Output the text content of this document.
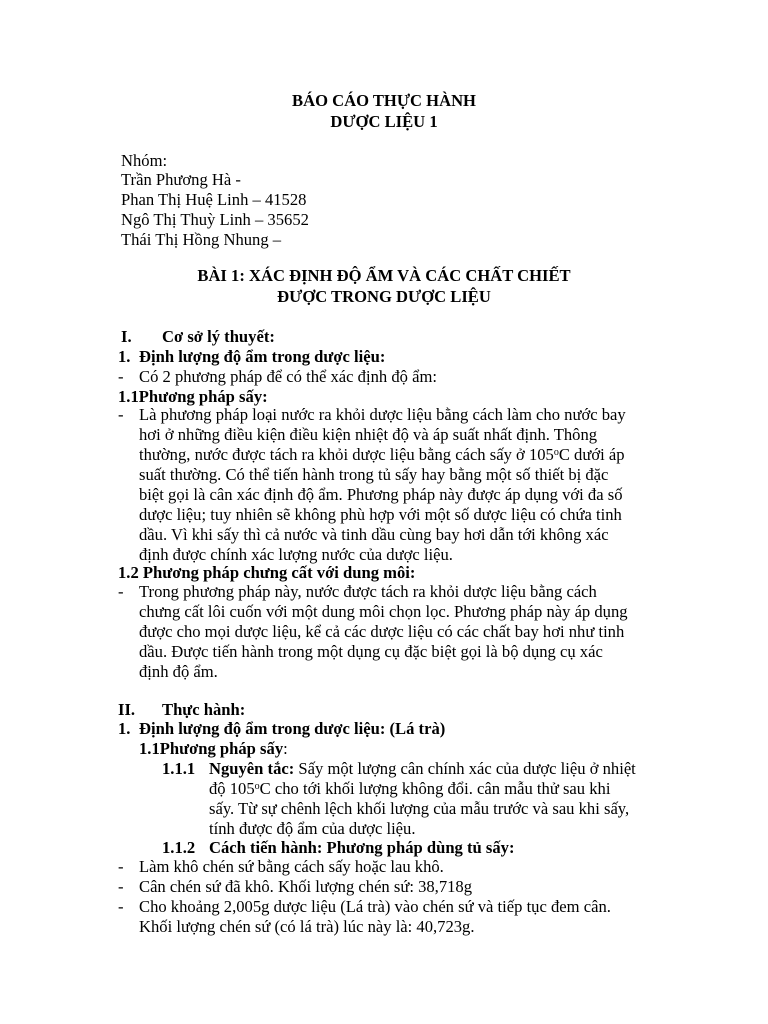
BÁO CÁO THỰC HÀNH
DƯỢC LIỆU 1
Nhóm:
Trần Phương Hà -
Phan Thị Huệ Linh – 41528
Ngô Thị Thuỳ Linh – 35652
Thái Thị Hồng Nhung –
BÀI 1: XÁC ĐỊNH ĐỘ ẨM VÀ CÁC CHẤT CHIẾT
ĐƯỢC TRONG DƯỢC LIỆU
I. Cơ sở lý thuyết:
1. Định lượng độ ẩm trong dược liệu:
- Có 2 phương pháp để có thể xác định độ ẩm:
1.1Phương pháp sấy:
- Là phương pháp loại nước ra khỏi dược liệu bằng cách làm cho nước bay
hơi ở những điều kiện điều kiện nhiệt độ và áp suất nhất định. Thông
thường, nước được tách ra khỏi dược liệu bằng cách sấy ở 105$^o$C dưới áp
suất thường. Có thể tiến hành trong tủ sấy hay bằng một số thiết bị đặc
biệt gọi là cân xác định độ ẩm. Phương pháp này được áp dụng với đa số
dược liệu; tuy nhiên sẽ không phù hợp với một số dược liệu có chứa tinh
dầu. Vì khi sấy thì cả nước và tinh dầu cùng bay hơi dẫn tới không xác
định được chính xác lượng nước của dược liệu.
1.2 Phương pháp chưng cất với dung môi:
- Trong phương pháp này, nước được tách ra khỏi dược liệu bằng cách
chưng cất lôi cuốn với một dung môi chọn lọc. Phương pháp này áp dụng
được cho mọi dược liệu, kể cả các dược liệu có các chất bay hơi như tinh
dầu. Được tiến hành trong một dụng cụ đặc biệt gọi là bộ dụng cụ xác
định độ ẩm.
II. Thực hành:
1. Định lượng độ ẩm trong dược liệu: (Lá trà)
1.1Phương pháp sấy:
1.1.1 Nguyên tắc: Sấy một lượng cân chính xác của dược liệu ở nhiệt
độ 105$^o$C cho tới khối lượng không đổi. cân mẫu thử sau khi
sấy. Từ sự chênh lệch khối lượng của mẫu trước và sau khi sấy,
tính được độ ẩm của dược liệu.
1.1.2 Cách tiến hành: Phương pháp dùng tủ sấy:
- Làm khô chén sứ bằng cách sấy hoặc lau khô.
- Cân chén sứ đã khô. Khối lượng chén sứ: 38,718g
- Cho khoảng 2,005g dược liệu (Lá trà) vào chén sứ và tiếp tục đem cân.
Khối lượng chén sứ (có lá trà) lúc này là: 40,723g.
